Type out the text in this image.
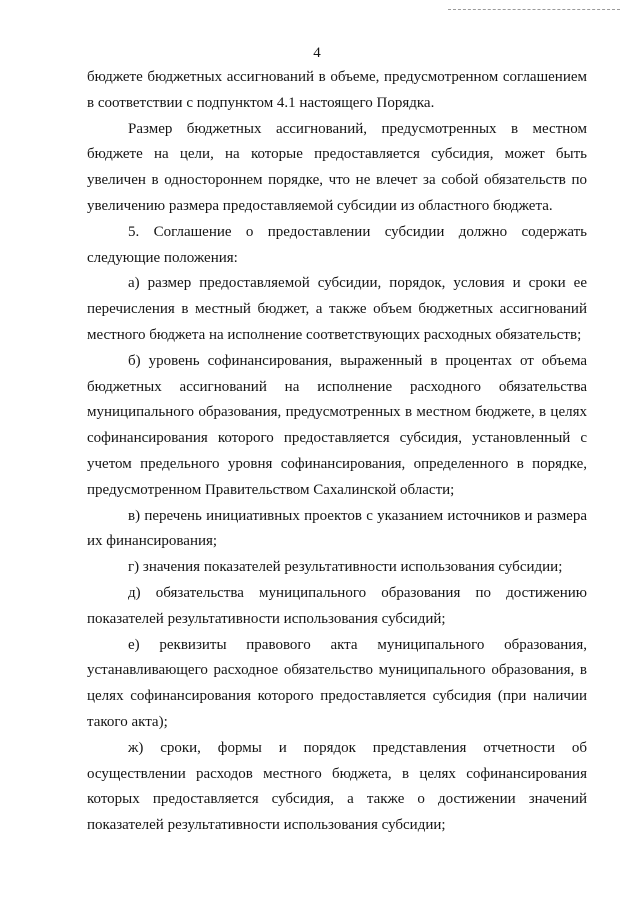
4

бюджете бюджетных ассигнований в объеме, предусмотренном соглашением в соответствии с подпунктом 4.1 настоящего Порядка.

Размер бюджетных ассигнований, предусмотренных в местном бюджете на цели, на которые предоставляется субсидия, может быть увеличен в одностороннем порядке, что не влечет за собой обязательств по увеличению размера предоставляемой субсидии из областного бюджета.

5. Соглашение о предоставлении субсидии должно содержать следующие положения:

а) размер предоставляемой субсидии, порядок, условия и сроки ее перечисления в местный бюджет, а также объем бюджетных ассигнований местного бюджета на исполнение соответствующих расходных обязательств;

б) уровень софинансирования, выраженный в процентах от объема бюджетных ассигнований на исполнение расходного обязательства муниципального образования, предусмотренных в местном бюджете, в целях софинансирования которого предоставляется субсидия, установленный с учетом предельного уровня софинансирования, определенного в порядке, предусмотренном Правительством Сахалинской области;

в) перечень инициативных проектов с указанием источников и размера их финансирования;

г) значения показателей результативности использования субсидии;

д) обязательства муниципального образования по достижению показателей результативности использования субсидий;

е) реквизиты правового акта муниципального образования, устанавливающего расходное обязательство муниципального образования, в целях софинансирования которого предоставляется субсидия (при наличии такого акта);

ж) сроки, формы и порядок представления отчетности об осуществлении расходов местного бюджета, в целях софинансирования которых предоставляется субсидия, а также о достижении значений показателей результативности использования субсидии;
